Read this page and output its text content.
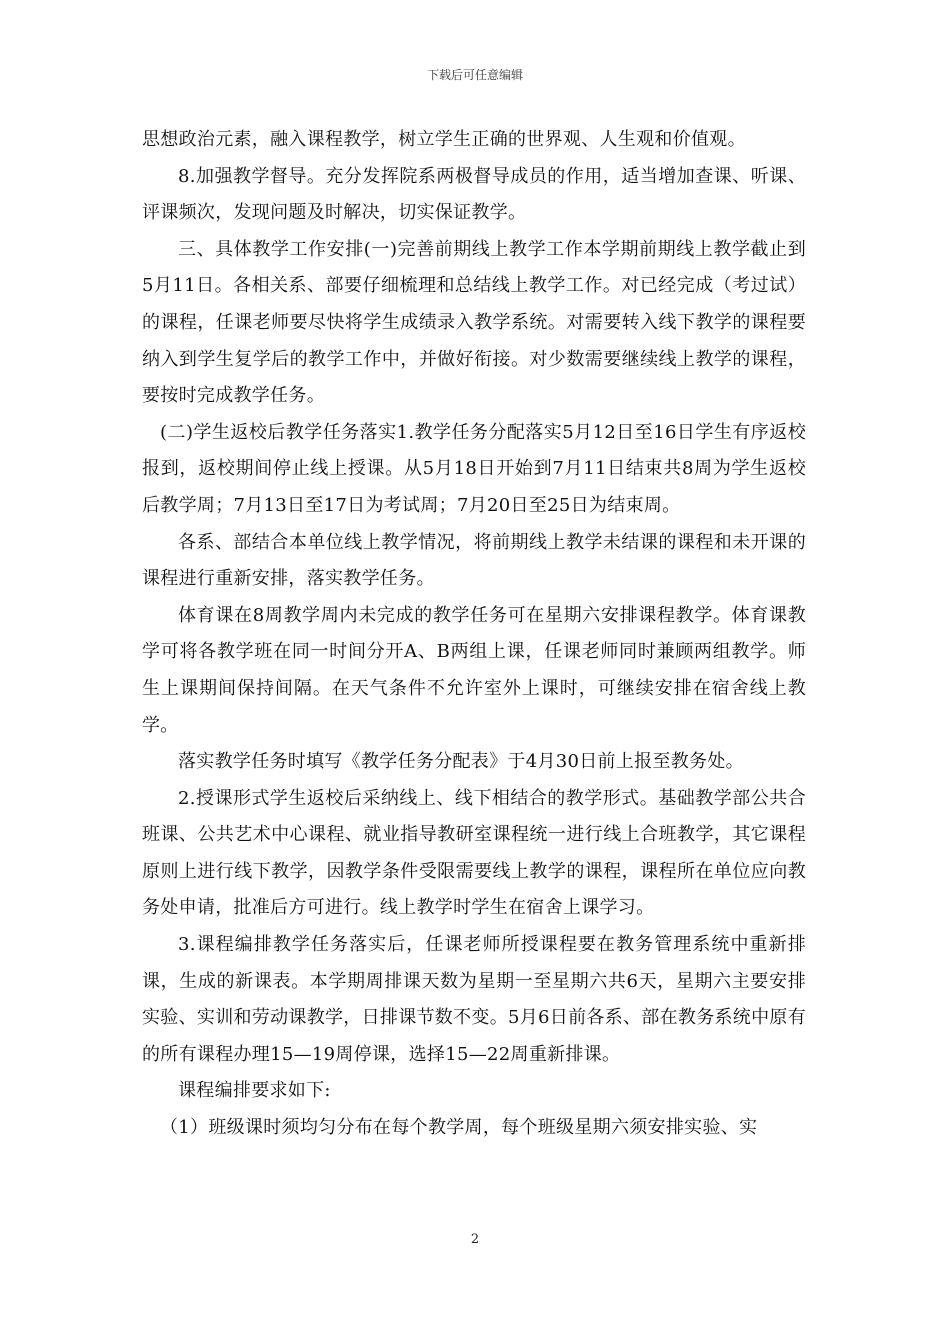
下载后可任意编辑

思想政治元素，融入课程教学，树立学生正确的世界观、人生观和价值观。

8.加强教学督导。充分发挥院系两极督导成员的作用，适当增加查课、听课、评课频次，发现问题及时解决，切实保证教学。

三、具体教学工作安排(一)完善前期线上教学工作本学期前期线上教学截止到5月11日。各相关系、部要仔细梳理和总结线上教学工作。对已经完成（考过试）的课程，任课老师要尽快将学生成绩录入教学系统。对需要转入线下教学的课程要纳入到学生复学后的教学工作中，并做好衔接。对少数需要继续线上教学的课程，要按时完成教学任务。

(二)学生返校后教学任务落实1.教学任务分配落实5月12日至16日学生有序返校报到，返校期间停止线上授课。从5月18日开始到7月11日结束共8周为学生返校后教学周；7月13日至17日为考试周；7月20日至25日为结束周。

各系、部结合本单位线上教学情况，将前期线上教学未结课的课程和未开课的课程进行重新安排，落实教学任务。

体育课在8周教学周内未完成的教学任务可在星期六安排课程教学。体育课教学可将各教学班在同一时间分开A、B两组上课，任课老师同时兼顾两组教学。师生上课期间保持间隔。在天气条件不允许室外上课时，可继续安排在宿舍线上教学。

落实教学任务时填写《教学任务分配表》于4月30日前上报至教务处。

2.授课形式学生返校后采纳线上、线下相结合的教学形式。基础教学部公共合班课、公共艺术中心课程、就业指导教研室课程统一进行线上合班教学，其它课程原则上进行线下教学，因教学条件受限需要线上教学的课程，课程所在单位应向教务处申请，批准后方可进行。线上教学时学生在宿舍上课学习。

3.课程编排教学任务落实后，任课老师所授课程要在教务管理系统中重新排课，生成的新课表。本学期周排课天数为星期一至星期六共6天，星期六主要安排实验、实训和劳动课教学，日排课节数不变。5月6日前各系、部在教务系统中原有的所有课程办理15—19周停课，选择15—22周重新排课。

课程编排要求如下:

（1）班级课时须均匀分布在每个教学周，每个班级星期六须安排实验、实

2
